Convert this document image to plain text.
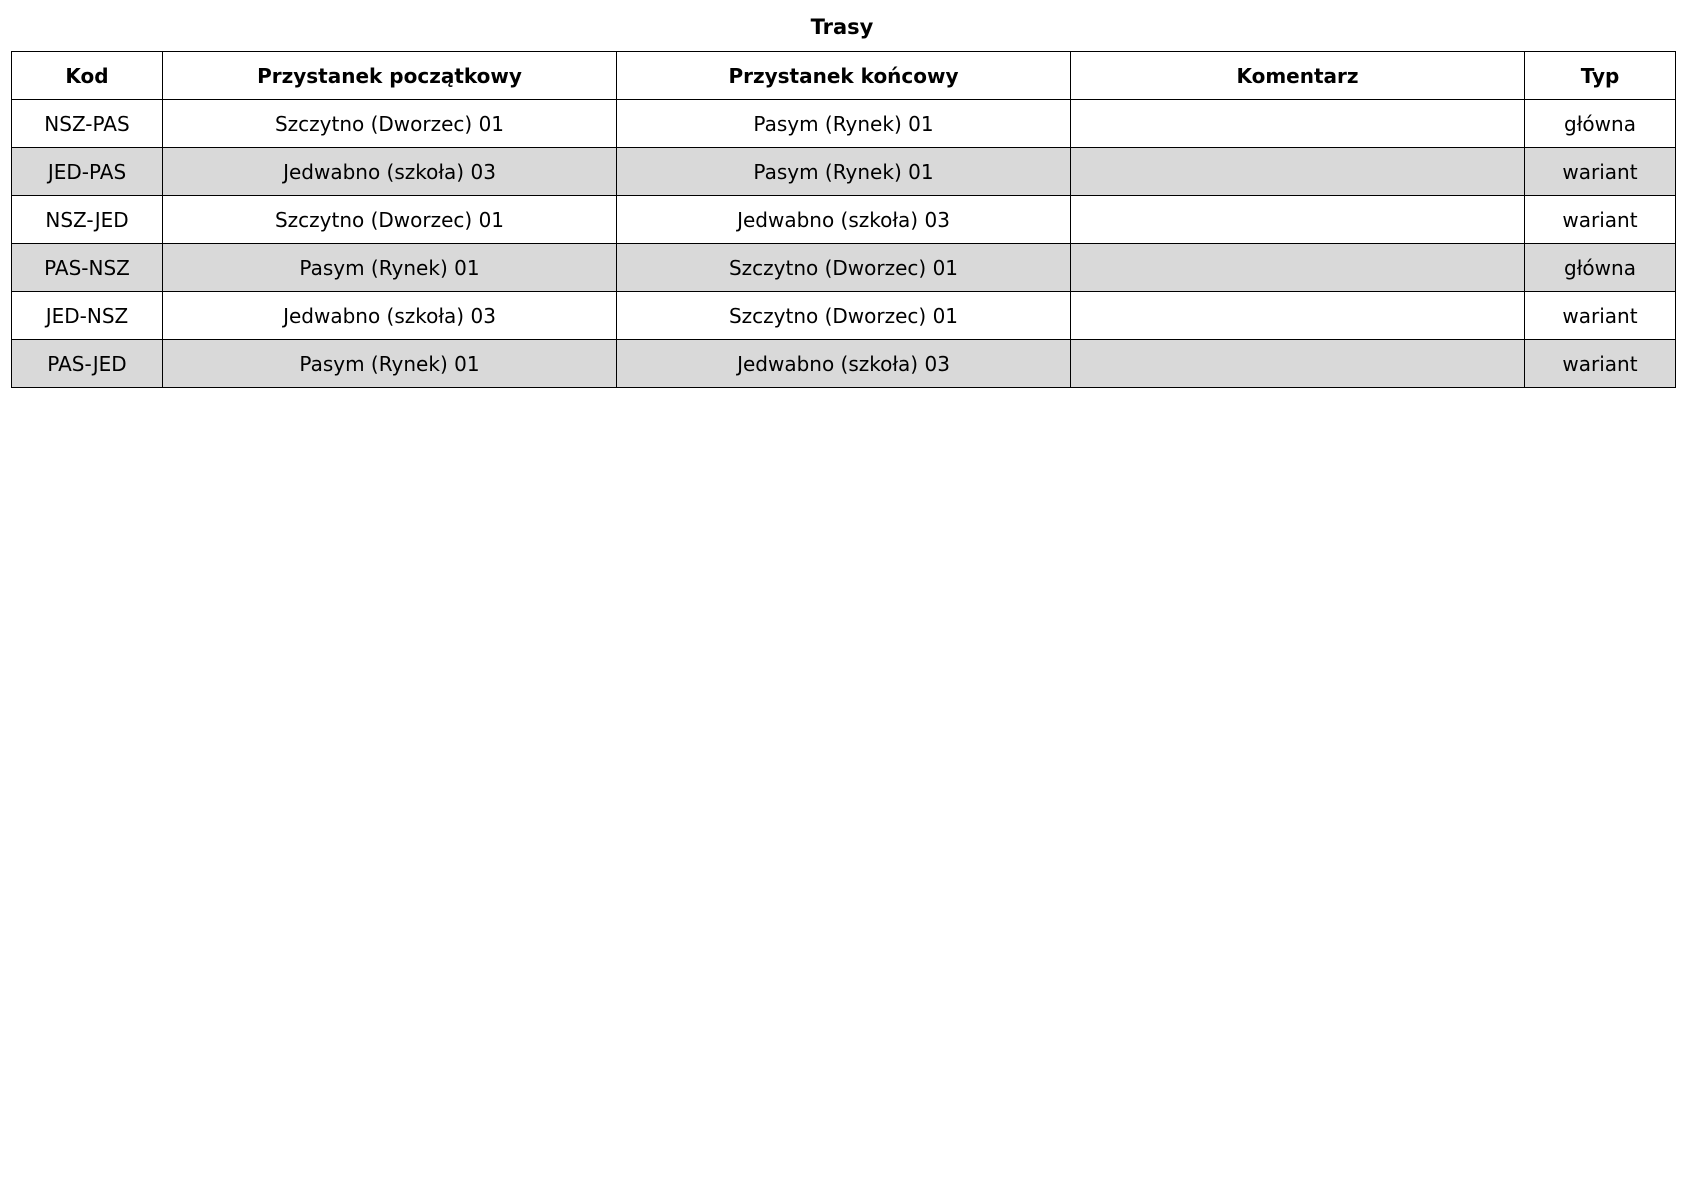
Trasy
Kod	Przystanek początkowy	Przystanek końcowy	Komentarz	Typ
NSZ-PAS	Szczytno (Dworzec) 01	Pasym (Rynek) 01		główna
JED-PAS	Jedwabno (szkoła) 03	Pasym (Rynek) 01		wariant
NSZ-JED	Szczytno (Dworzec) 01	Jedwabno (szkoła) 03		wariant
PAS-NSZ	Pasym (Rynek) 01	Szczytno (Dworzec) 01		główna
JED-NSZ	Jedwabno (szkoła) 03	Szczytno (Dworzec) 01		wariant
PAS-JED	Pasym (Rynek) 01	Jedwabno (szkoła) 03		wariant
